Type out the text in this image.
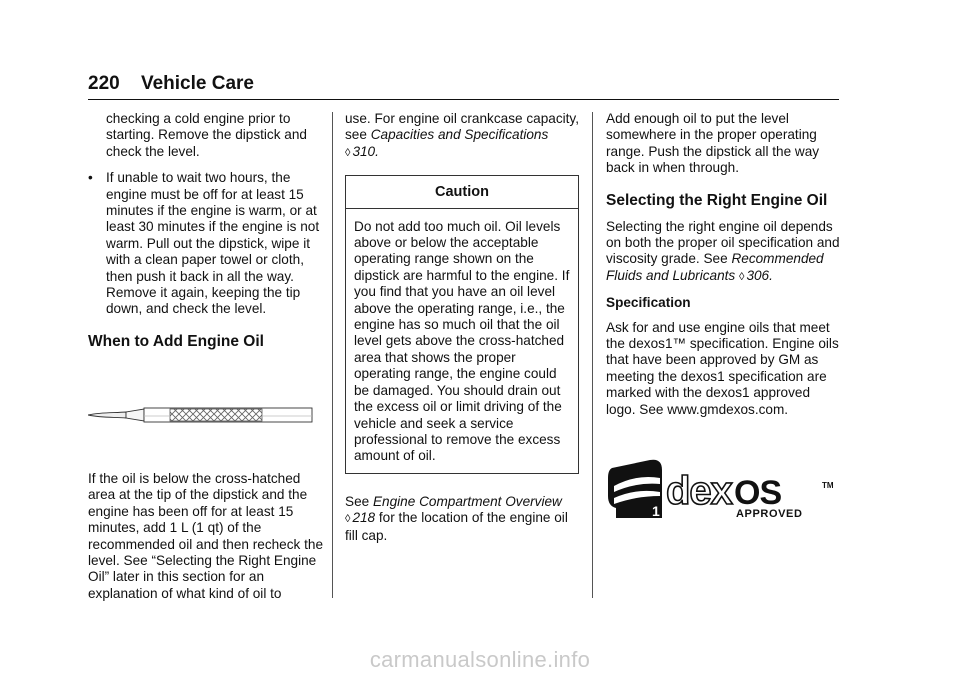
220 Vehicle Care

checking a cold engine prior to starting. Remove the dipstick and check the level.

• If unable to wait two hours, the engine must be off for at least 15 minutes if the engine is warm, or at least 30 minutes if the engine is not warm. Pull out the dipstick, wipe it with a clean paper towel or cloth, then push it back in all the way. Remove it again, keeping the tip down, and check the level.

When to Add Engine Oil

If the oil is below the cross-hatched area at the tip of the dipstick and the engine has been off for at least 15 minutes, add 1 L (1 qt) of the recommended oil and then recheck the level. See “Selecting the Right Engine Oil” later in this section for an explanation of what kind of oil to

use. For engine oil crankcase capacity, see Capacities and Specifications ◊ 310.

Caution
Do not add too much oil. Oil levels above or below the acceptable operating range shown on the dipstick are harmful to the engine. If you find that you have an oil level above the operating range, i.e., the engine has so much oil that the oil level gets above the cross-hatched area that shows the proper operating range, the engine could be damaged. You should drain out the excess oil or limit driving of the vehicle and seek a service professional to remove the excess amount of oil.

See Engine Compartment Overview
◊ 218 for the location of the engine oil fill cap.

Add enough oil to put the level somewhere in the proper operating range. Push the dipstick all the way back in when through.

Selecting the Right Engine Oil

Selecting the right engine oil depends on both the proper oil specification and viscosity grade. See Recommended Fluids and Lubricants ◊ 306.

Specification

Ask for and use engine oils that meet the dexos1™ specification. Engine oils that have been approved by GM as meeting the dexos1 specification are marked with the dexos1 approved logo. See www.gmdexos.com.

1 dex OS	TM
APPROVED
carmanualsonline.info
